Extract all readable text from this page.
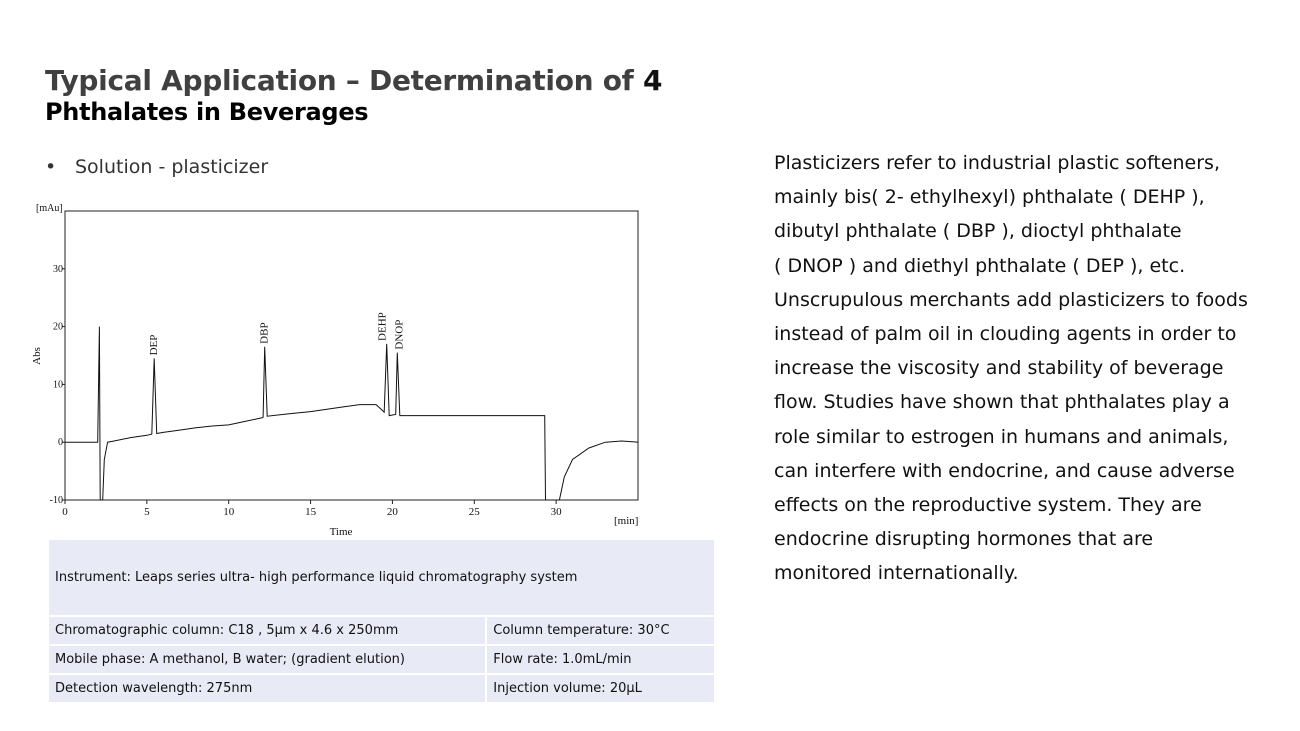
Typical Application – Determination of 4
Phthalates in Beverages
• Solution - plasticizer
0	5	10	15	20	25	30
-10
0
10
20
30
[mAu]
[min]
Time
Abs
DEP
DBP	DEHP DNOP
Instrument: Leaps series ultra- high performance liquid chromatography system	
Chromatographic column: C18 , 5μm x 4.6 x 250mm	Column temperature: 30°C
Mobile phase: A methanol, B water; (gradient elution)	Flow rate: 1.0mL/min
Detection wavelength: 275nm	Injection volume: 20μL

Plasticizers refer to industrial plastic softeners,
mainly bis( 2- ethylhexyl) phthalate ( DEHP ),
dibutyl phthalate ( DBP ), dioctyl phthalate
( DNOP ) and diethyl phthalate ( DEP ), etc.
Unscrupulous merchants add plasticizers to foods
instead of palm oil in clouding agents in order to
increase the viscosity and stability of beverage
flow. Studies have shown that phthalates play a
role similar to estrogen in humans and animals,
can interfere with endocrine, and cause adverse
effects on the reproductive system. They are
endocrine disrupting hormones that are
monitored internationally.
